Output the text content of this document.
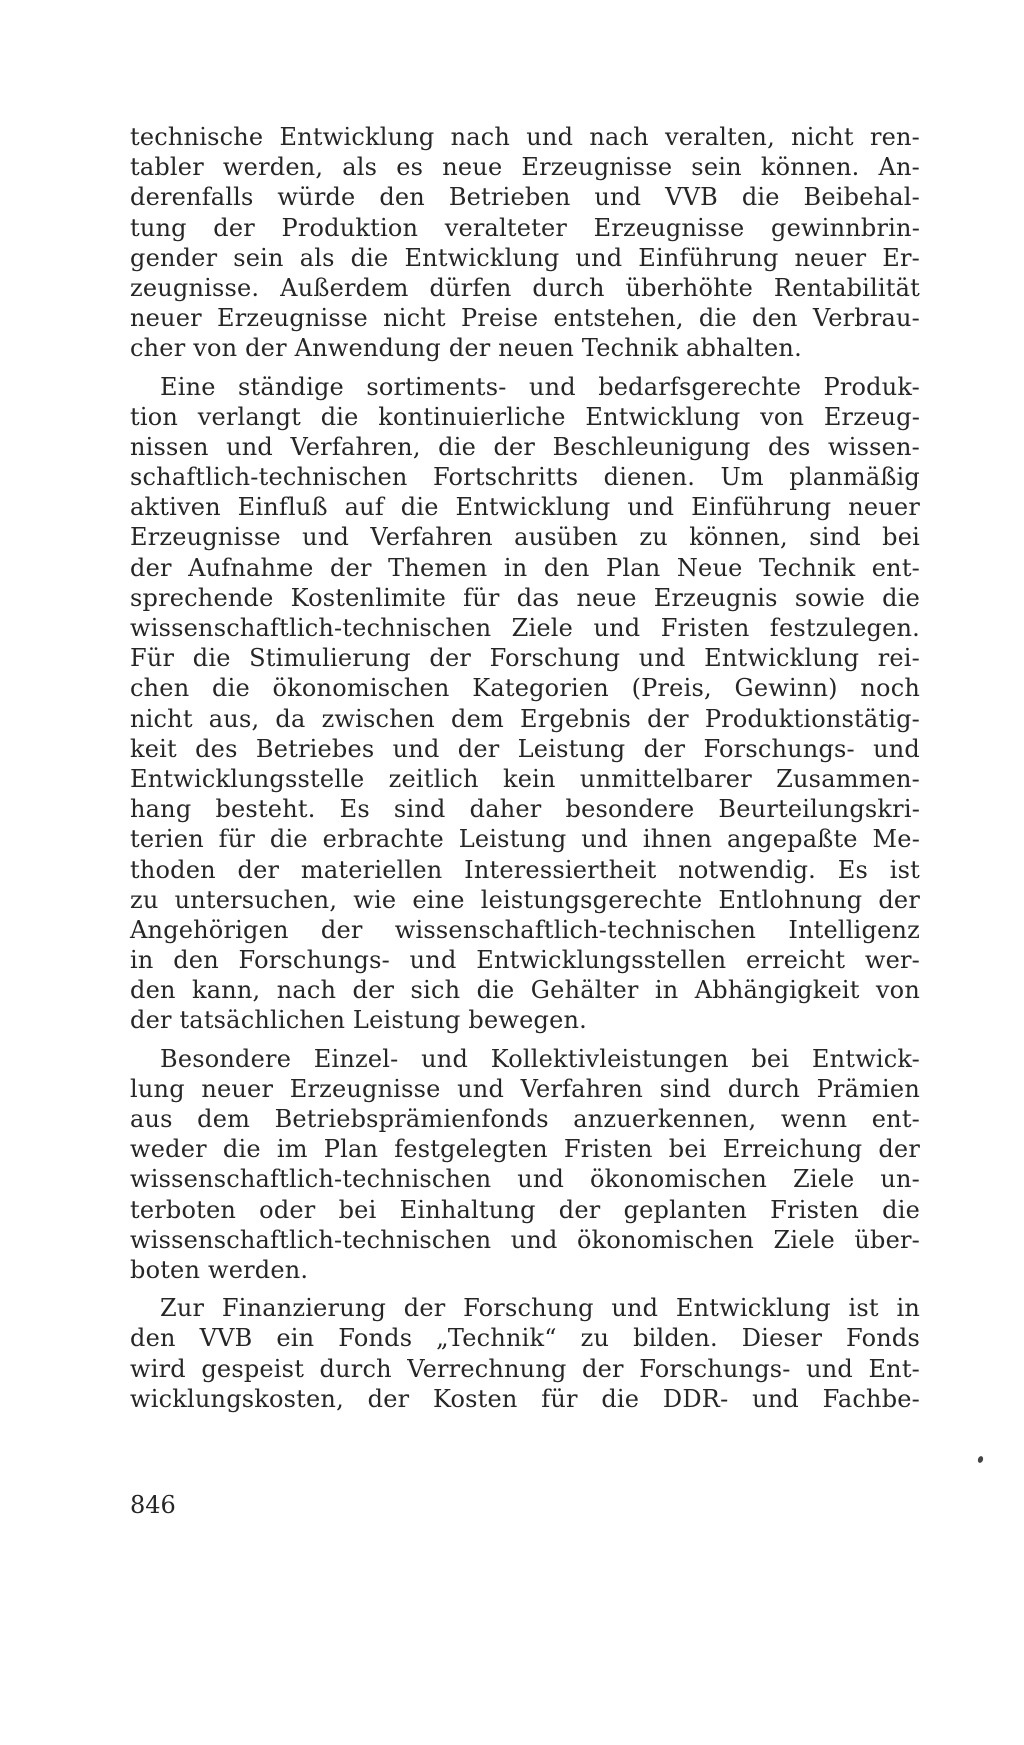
technische Entwicklung nach und nach veralten, nicht ren-
tabler werden, als es neue Erzeugnisse sein können. An-
derenfalls würde den Betrieben und VVB die Beibehal-
tung der Produktion veralteter Erzeugnisse gewinnbrin-
gender sein als die Entwicklung und Einführung neuer Er-
zeugnisse. Außerdem dürfen durch überhöhte Rentabilität
neuer Erzeugnisse nicht Preise entstehen, die den Verbrau-
cher von der Anwendung der neuen Technik abhalten.
Eine ständige sortiments- und bedarfsgerechte Produk-
tion verlangt die kontinuierliche Entwicklung von Erzeug-
nissen und Verfahren, die der Beschleunigung des wissen-
schaftlich-technischen Fortschritts dienen. Um planmäßig
aktiven Einfluß auf die Entwicklung und Einführung neuer
Erzeugnisse und Verfahren ausüben zu können, sind bei
der Aufnahme der Themen in den Plan Neue Technik ent-
sprechende Kostenlimite für das neue Erzeugnis sowie die
wissenschaftlich-technischen Ziele und Fristen festzulegen.
Für die Stimulierung der Forschung und Entwicklung rei-
chen die ökonomischen Kategorien (Preis, Gewinn) noch
nicht aus, da zwischen dem Ergebnis der Produktionstätig-
keit des Betriebes und der Leistung der Forschungs- und
Entwicklungsstelle zeitlich kein unmittelbarer Zusammen-
hang besteht. Es sind daher besondere Beurteilungskri-
terien für die erbrachte Leistung und ihnen angepaßte Me-
thoden der materiellen Interessiertheit notwendig. Es ist
zu untersuchen, wie eine leistungsgerechte Entlohnung der
Angehörigen der wissenschaftlich-technischen Intelligenz
in den Forschungs- und Entwicklungsstellen erreicht wer-
den kann, nach der sich die Gehälter in Abhängigkeit von
der tatsächlichen Leistung bewegen.
Besondere Einzel- und Kollektivleistungen bei Entwick-
lung neuer Erzeugnisse und Verfahren sind durch Prämien
aus dem Betriebsprämienfonds anzuerkennen, wenn ent-
weder die im Plan festgelegten Fristen bei Erreichung der
wissenschaftlich-technischen und ökonomischen Ziele un-
terboten oder bei Einhaltung der geplanten Fristen die
wissenschaftlich-technischen und ökonomischen Ziele über-
boten werden.
Zur Finanzierung der Forschung und Entwicklung ist in
den VVB ein Fonds „Technik“ zu bilden. Dieser Fonds
wird gespeist durch Verrechnung der Forschungs- und Ent-
wicklungskosten, der Kosten für die DDR- und Fachbe-
846
